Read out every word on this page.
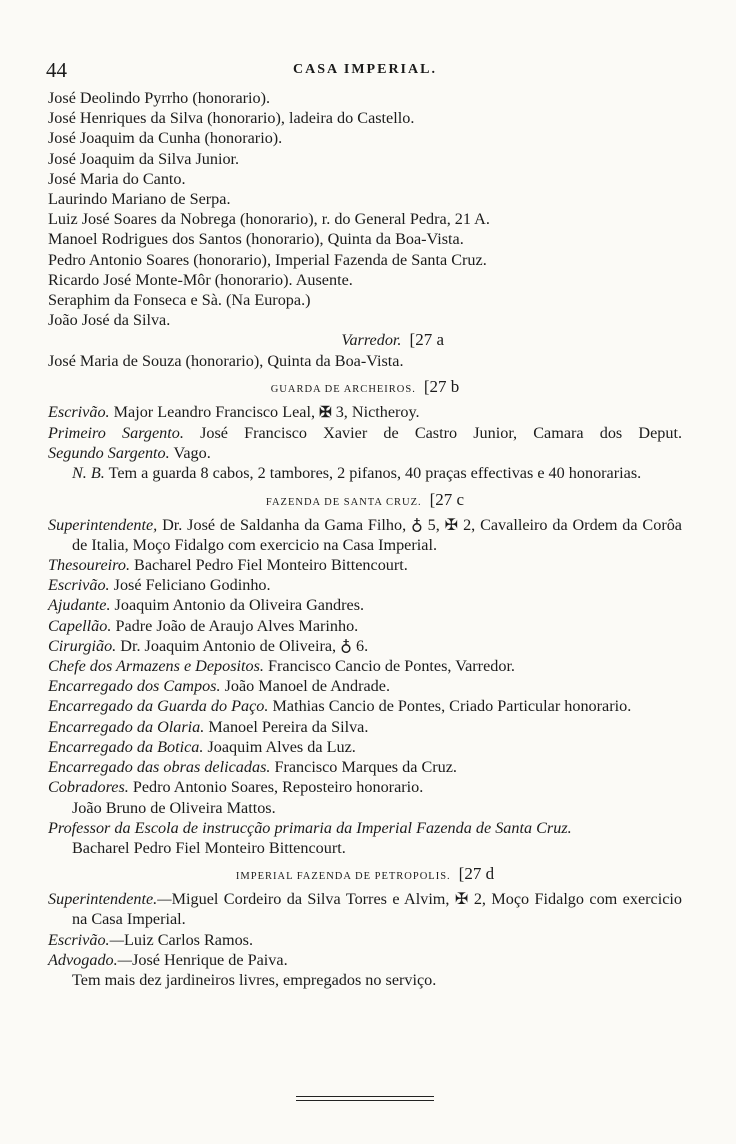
44	CASA IMPERIAL.
José Deolindo Pyrrho (honorario).
José Henriques da Silva (honorario), ladeira do Castello.
José Joaquim da Cunha (honorario).
José Joaquim da Silva Junior.
José Maria do Canto.
Laurindo Mariano de Serpa.
Luiz José Soares da Nobrega (honorario), r. do General Pedra, 21 A.
Manoel Rodrigues dos Santos (honorario), Quinta da Boa-Vista.
Pedro Antonio Soares (honorario), Imperial Fazenda de Santa Cruz.
Ricardo José Monte-Môr (honorario). Ausente.
Seraphim da Fonseca e Sà. (Na Europa.)
João José da Silva.
Varredor. [27 a
José Maria de Souza (honorario), Quinta da Boa-Vista.
GUARDA DE ARCHEIROS. [27 b
Escrivão. Major Leandro Francisco Leal, ✠ 3, Nictheroy.
Primeiro Sargento. José Francisco Xavier de Castro Junior, Camara dos Deput.
Segundo Sargento. Vago.
N. B. Tem a guarda 8 cabos, 2 tambores, 2 pifanos, 40 praças effectivas e 40 honorarias.
FAZENDA DE SANTA CRUZ. [27 c
Superintendente, Dr. José de Saldanha da Gama Filho, ♁ 5, ✠ 2, Cavalleiro da Ordem da Corôa de Italia, Moço Fidalgo com exercicio na Casa Imperial.
Thesoureiro. Bacharel Pedro Fiel Monteiro Bittencourt.
Escrivão. José Feliciano Godinho.
Ajudante. Joaquim Antonio da Oliveira Gandres.
Capellão. Padre João de Araujo Alves Marinho.
Cirurgião. Dr. Joaquim Antonio de Oliveira, ♁ 6.
Chefe dos Armazens e Depositos. Francisco Cancio de Pontes, Varredor.
Encarregado dos Campos. João Manoel de Andrade.
Encarregado da Guarda do Paço. Mathias Cancio de Pontes, Criado Particular honorario.
Encarregado da Olaria. Manoel Pereira da Silva.
Encarregado da Botica. Joaquim Alves da Luz.
Encarregado das obras delicadas. Francisco Marques da Cruz.
Cobradores. Pedro Antonio Soares, Reposteiro honorario.
João Bruno de Oliveira Mattos.
Professor da Escola de instrucção primaria da Imperial Fazenda de Santa Cruz.
Bacharel Pedro Fiel Monteiro Bittencourt.
IMPERIAL FAZENDA DE PETROPOLIS. [27 d
Superintendente.—Miguel Cordeiro da Silva Torres e Alvim, ✠ 2, Moço Fidalgo com exercicio na Casa Imperial.
Escrivão.—Luiz Carlos Ramos.
Advogado.—José Henrique de Paiva.
Tem mais dez jardineiros livres, empregados no serviço.
